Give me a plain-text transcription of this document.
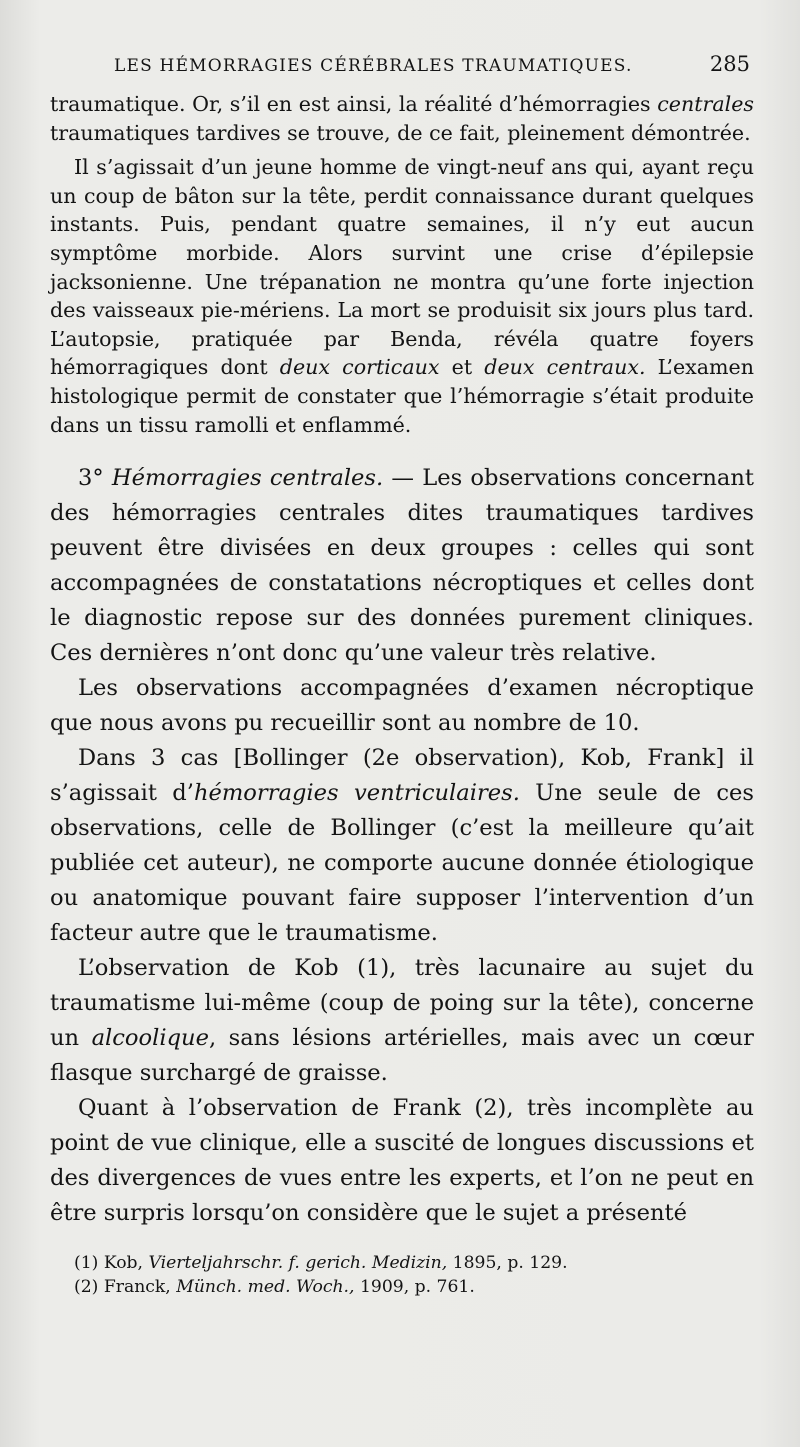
LES HÉMORRAGIES CÉRÉBRALES TRAUMATIQUES.	285

traumatique. Or, s’il en est ainsi, la réalité d’hémorragies centrales traumatiques tardives se trouve, de ce fait, pleinement démontrée.

Il s’agissait d’un jeune homme de vingt-neuf ans qui, ayant reçu un coup de bâton sur la tête, perdit connaissance durant quelques instants. Puis, pendant quatre semaines, il n’y eut aucun symptôme morbide. Alors survint une crise d’épilepsie jacksonienne. Une trépanation ne montra qu’une forte injection des vaisseaux pie-mériens. La mort se produisit six jours plus tard. L’autopsie, pratiquée par Benda, révéla quatre foyers hémorragiques dont deux corticaux et deux centraux. L’examen histologique permit de constater que l’hémorragie s’était produite dans un tissu ramolli et enflammé.

3° Hémorragies centrales. — Les observations concernant des hémorragies centrales dites traumatiques tardives peuvent être divisées en deux groupes : celles qui sont accompagnées de constatations nécroptiques et celles dont le diagnostic repose sur des données purement cliniques. Ces dernières n’ont donc qu’une valeur très relative.

Les observations accompagnées d’examen nécroptique que nous avons pu recueillir sont au nombre de 10.

Dans 3 cas [Bollinger (2e observation), Kob, Frank] il s’agissait d’hémorragies ventriculaires. Une seule de ces observations, celle de Bollinger (c’est la meilleure qu’ait publiée cet auteur), ne comporte aucune donnée étiologique ou anatomique pouvant faire supposer l’intervention d’un facteur autre que le traumatisme.

L’observation de Kob (1), très lacunaire au sujet du traumatisme lui-même (coup de poing sur la tête), concerne un alcoolique, sans lésions artérielles, mais avec un cœur flasque surchargé de graisse.

Quant à l’observation de Frank (2), très incomplète au point de vue clinique, elle a suscité de longues discussions et des divergences de vues entre les experts, et l’on ne peut en être surpris lorsqu’on considère que le sujet a présenté

(1) Kob, Vierteljahrschr. f. gerich. Medizin, 1895, p. 129.
(2) Franck, Münch. med. Woch., 1909, p. 761.
